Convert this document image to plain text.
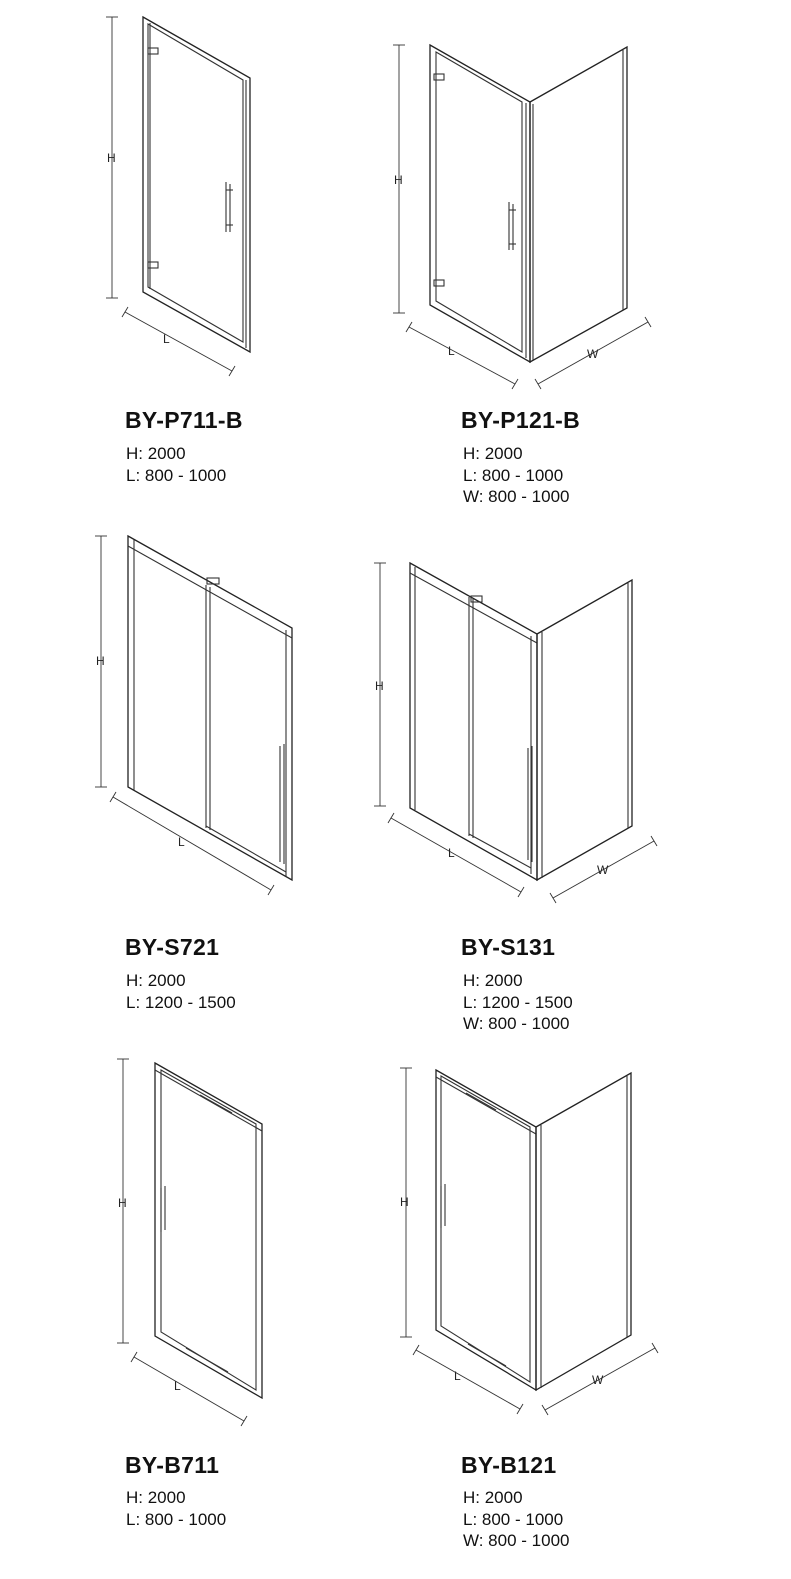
H
L
H
L	W
H
L
H
L
W
H
L
H
L	W
BY-P711-B
H: 2000
L: 800 - 1000
BY-P121-B
H: 2000
L: 800 - 1000
W: 800 - 1000
BY-S721
H: 2000
L: 1200 - 1500
BY-S131
H: 2000
L: 1200 - 1500
W: 800 - 1000
BY-B711
H: 2000
L: 800 - 1000
BY-B121
H: 2000
L: 800 - 1000
W: 800 - 1000
